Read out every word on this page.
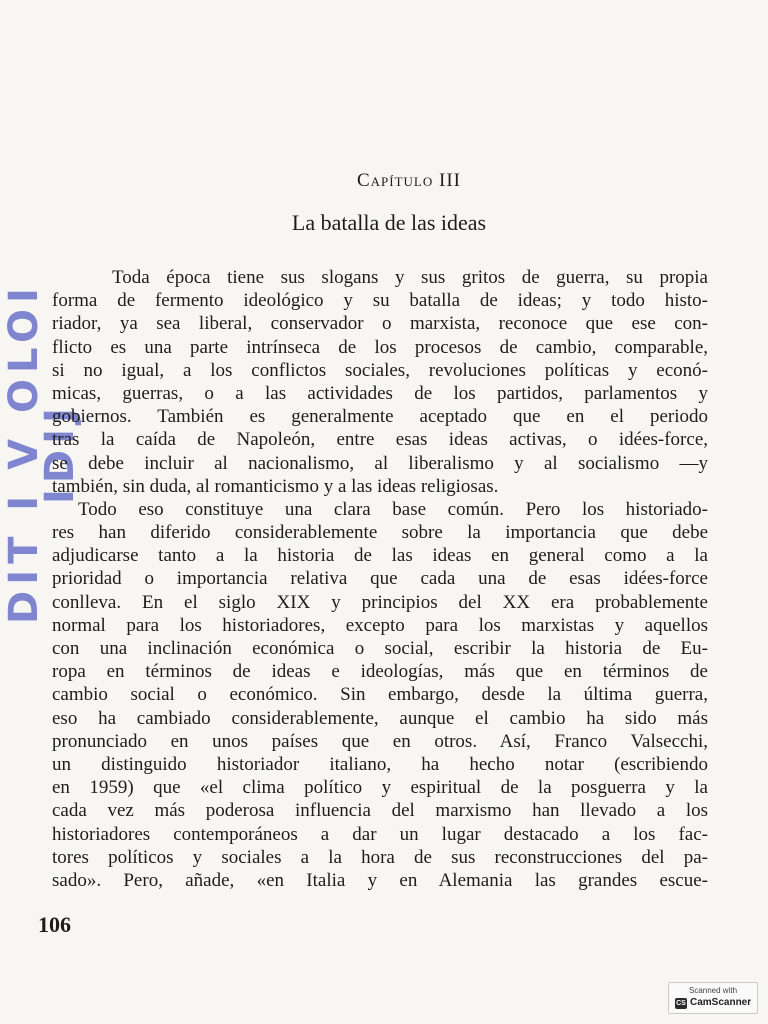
DIT I V OLOI IDIJ
Capítulo III
La batalla de las ideas
Toda época tiene sus slogans y sus gritos de guerra, su propia
forma de fermento ideológico y su batalla de ideas; y todo histo-
riador, ya sea liberal, conservador o marxista, reconoce que ese con-
flicto es una parte intrínseca de los procesos de cambio, comparable,
si no igual, a los conflictos sociales, revoluciones políticas y econó-
micas, guerras, o a las actividades de los partidos, parlamentos y
gobiernos. También es generalmente aceptado que en el periodo
tras la caída de Napoleón, entre esas ideas activas, o idées-force,
se debe incluir al nacionalismo, al liberalismo y al socialismo —y
también, sin duda, al romanticismo y a las ideas religiosas.
Todo eso constituye una clara base común. Pero los historiado-
res han diferido considerablemente sobre la importancia que debe
adjudicarse tanto a la historia de las ideas en general como a la
prioridad o importancia relativa que cada una de esas idées-force
conlleva. En el siglo XIX y principios del XX era probablemente
normal para los historiadores, excepto para los marxistas y aquellos
con una inclinación económica o social, escribir la historia de Eu-
ropa en términos de ideas e ideologías, más que en términos de
cambio social o económico. Sin embargo, desde la última guerra,
eso ha cambiado considerablemente, aunque el cambio ha sido más
pronunciado en unos países que en otros. Así, Franco Valsecchi,
un distinguido historiador italiano, ha hecho notar (escribiendo
en 1959) que «el clima político y espiritual de la posguerra y la
cada vez más poderosa influencia del marxismo han llevado a los
historiadores contemporáneos a dar un lugar destacado a los fac-
tores políticos y sociales a la hora de sus reconstrucciones del pa-
sado». Pero, añade, «en Italia y en Alemania las grandes escue-
106
Scanned with
CS CamScanner
